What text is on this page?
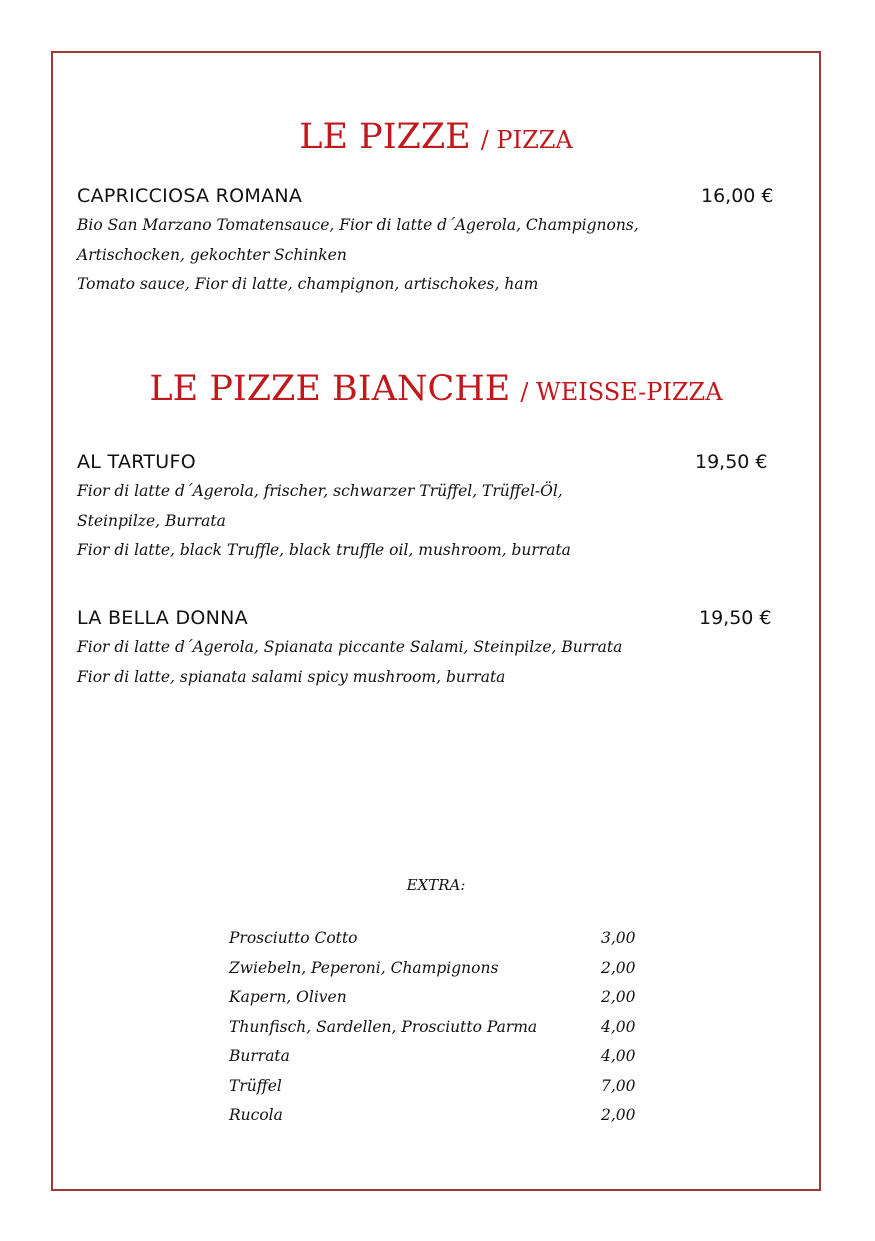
LE PIZZE / PIZZA
CAPRICCIOSA ROMANA	16,00 €
Bio San Marzano Tomatensauce, Fior di latte d´Agerola, Champignons,
Artischocken, gekochter Schinken
Tomato sauce, Fior di latte, champignon, artischokes, ham
LE PIZZE BIANCHE / WEISSE-PIZZA
AL TARTUFO	19,50 €
Fior di latte d´Agerola, frischer, schwarzer Trüffel, Trüffel-Öl,
Steinpilze, Burrata
Fior di latte, black Truffle, black truffle oil, mushroom, burrata
LA BELLA DONNA	19,50 €
Fior di latte d´Agerola, Spianata piccante Salami, Steinpilze, Burrata
Fior di latte, spianata salami spicy mushroom, burrata
EXTRA:
Prosciutto Cotto	3,00
Zwiebeln, Peperoni, Champignons	2,00
Kapern, Oliven	2,00
Thunfisch, Sardellen, Prosciutto Parma	4,00
Burrata	4,00
Trüffel	7,00
Rucola	2,00
